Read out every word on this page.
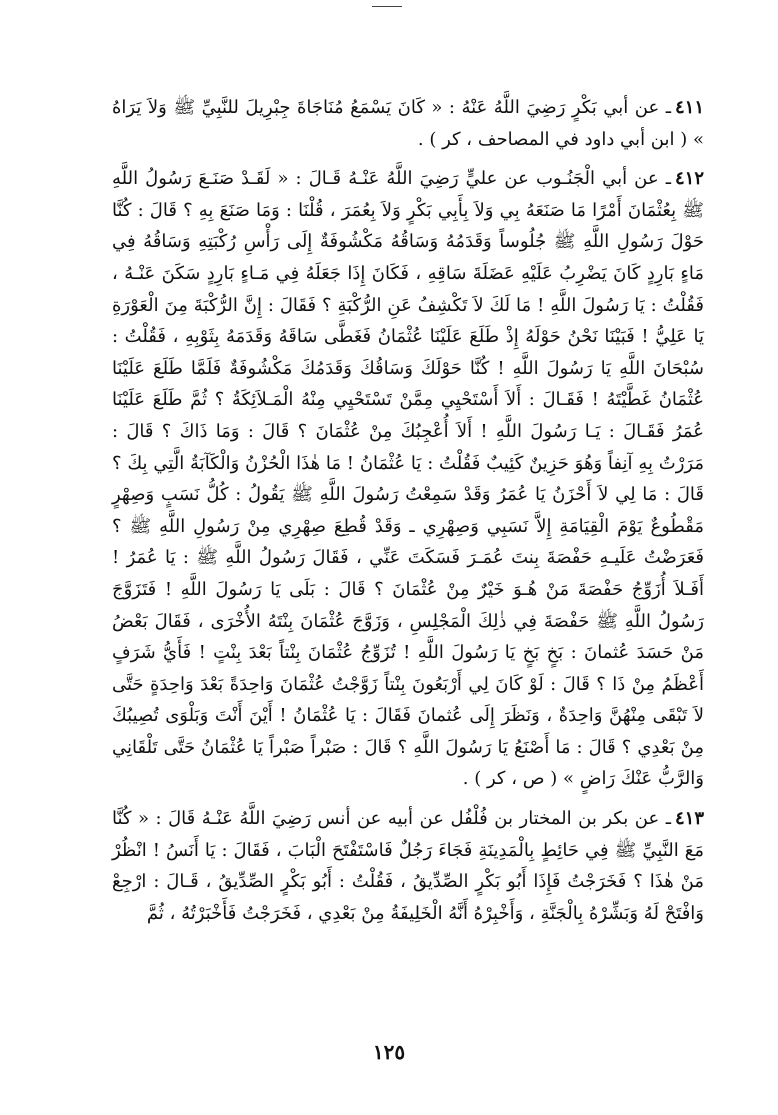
٤١١ـ عن أبي بَكْرٍ رَضِيَ اللَّهُ عَنْهُ : « كَانَ يَسْمَعُ مُنَاجَاةَ جِبْرِيلَ للنَّبِيِّ ﷺ وَلاَ يَرَاهُ » ( ابن أبي داود في المصاحف ، كر ) .

٤١٢ـ عن أبي الْجَنُـوب عن عليٍّ رَضِيَ اللَّهُ عَنْـهُ قَـالَ : « لَقَـدْ صَنَـعَ رَسُولُ اللَّهِ ﷺ بِعُثْمَانَ أَمْرًا مَا صَنَعَهُ بِي وَلاَ بِأَبِي بَكْرٍ وَلاَ بِعُمَرَ ، قُلْنَا : وَمَا صَنَعَ بِهِ ؟ قَالَ : كُنَّا حَوْلَ رَسُولِ اللَّهِ ﷺ جُلُوساً وَقَدَمُهُ وَسَاقُهُ مَكْشُوفَةٌ إِلَى رَأْسِ رُكْبَتِهِ وَسَاقُهُ فِي مَاءٍ بَارِدٍ كَانَ يَضْرِبُ عَلَيْهِ عَضَلَةَ سَاقِهِ ، فَكَانَ إِذَا جَعَلَهُ فِي مَـاءٍ بَارِدٍ سَكَنَ عَنْـهُ ، فَقُلْتُ : يَا رَسُولَ اللَّهِ ! مَا لَكَ لاَ تَكْشِفُ عَنِ الرُّكْبَةِ ؟ فَقَالَ : إِنَّ الرُّكْبَةَ مِنَ الْعَوْرَةِ يَا عَلِيُّ ! فَبَيْنَا نَحْنُ حَوْلَهُ إِذْ طَلَعَ عَلَيْنَا عُثْمَانُ فَغَطَّى سَاقَهُ وَقَدَمَهُ بِثَوْبِهِ ، فَقُلْتُ : سُبْحَانَ اللَّهِ يَا رَسُولَ اللَّهِ ! كُنَّا حَوْلَكَ وَسَاقُكَ وَقَدَمُكَ مَكْشُوفَةٌ فَلَمَّا طَلَعَ عَلَيْنَا عُثْمَانُ غَطَّيْتَهُ ! فَقَـالَ : أَلاَ أَسْتَحْيِي مِمَّنْ تَسْتَحْيِي مِنْهُ الْمَـلاَئِكَةُ ؟ ثُمَّ طَلَعَ عَلَيْنَا عُمَرُ فَقَـالَ : يَـا رَسُولَ اللَّهِ ! أَلاَ أُعْجِبُكَ مِنْ عُثْمَانَ ؟ قَالَ : وَمَا ذَاكَ ؟ قَالَ : مَرَرْتُ بِهِ آنِفاً وَهُوَ حَزِينٌ كَئِيبٌ فَقُلْتُ : يَا عُثْمَانُ ! مَا هٰذَا الْحُزْنُ وَالْكَآبَةُ الَّتِي بِكَ ؟ قَالَ : مَا لِي لاَ أَحْزَنُ يَا عُمَرُ وَقَدْ سَمِعْتُ رَسُولَ اللَّهِ ﷺ يَقُولُ : كُلُّ نَسَبٍ وَصِهْرٍ مَقْطُوعٌ يَوْمَ الْقِيَامَةِ إِلاَّ نَسَبِي وَصِهْرِي ـ وَقَدْ قُطِعَ صِهْرِي مِنْ رَسُولِ اللَّهِ ﷺ ؟ فَعَرَضْتُ عَلَيـهِ حَفْصَةَ بِنتَ عُمَـرَ فَسَكَتَ عَنِّي ، فَقَالَ رَسُولُ اللَّهِ ﷺ : يَا عُمَرُ ! أَفَـلاَ أُزَوِّجُ حَفْصَةَ مَنْ هُـوَ خَيْرٌ مِنْ عُثْمَانَ ؟ قَالَ : بَلَى يَا رَسُولَ اللَّهِ ! فَتَزَوَّجَ رَسُولُ اللَّهِ ﷺ حَفْصَةَ فِي ذٰلِكَ الْمَجْلِسِ ، وَزَوَّجَ عُثْمَانَ بِنْتَهُ الأُخْرَى ، فَقَالَ بَعْضُ مَنْ حَسَدَ عُثمانَ : بَخٍ بَخٍ يَا رَسُولَ اللَّهِ ! تُزَوِّجُ عُثْمَانَ بِنْتاً بَعْدَ بِنْتٍ ! فَأَيُّ شَرَفٍ أَعْظَمُ مِنْ ذَا ؟ قَالَ : لَوْ كَانَ لِي أَرْبَعُونَ بِنْتاً زَوَّجْتُ عُثْمَانَ وَاحِدَةً بَعْدَ وَاحِدَةٍ حَتَّى لاَ تَبْقَى مِنْهُنَّ وَاحِدَةٌ ، وَنَظَرَ إِلَى عُثمانَ فَقَالَ : يَا عُثْمَانُ ! أَيْنَ أَنْتَ وَبَلْوَى تُصِيبُكَ مِنْ بَعْدِي ؟ قَالَ : مَا أَصْنَعُ يَا رَسُولَ اللَّهِ ؟ قَالَ : صَبْراً صَبْراً يَا عُثْمَانُ حَتَّى تَلْقَانِي وَالرَّبُّ عَنْكَ رَاضٍ » ( ص ، كر ) .

٤١٣ـ عن بكر بن المختار بن فُلْفُل عن أبيه عن أنس رَضِيَ اللَّهُ عَنْـهُ قَالَ : « كُنَّا مَعَ النَّبِيِّ ﷺ فِي حَائِطٍ بِالْمَدِينَةِ فَجَاءَ رَجُلٌ فَاسْتَفْتَحَ الْبَابَ ، فَقَالَ : يَا أَنَسُ ! انْظُرْ مَنْ هٰذَا ؟ فَخَرَجْتُ فَإِذَا أَبُو بَكْرٍ الصِّدِّيقُ ، فَقُلْتُ : أَبُو بَكْرٍ الصِّدِّيقُ ، قَـالَ : ارْجِعْ وَافْتَحْ لَهُ وَبَشِّرْهُ بِالْجَنَّةِ ، وَأَخْبِرْهُ أَنَّهُ الْخَلِيفَةُ مِنْ بَعْدِي ، فَخَرَجْتُ فَأَخْبَرْتُهُ ، ثُمَّ

١٢٥
